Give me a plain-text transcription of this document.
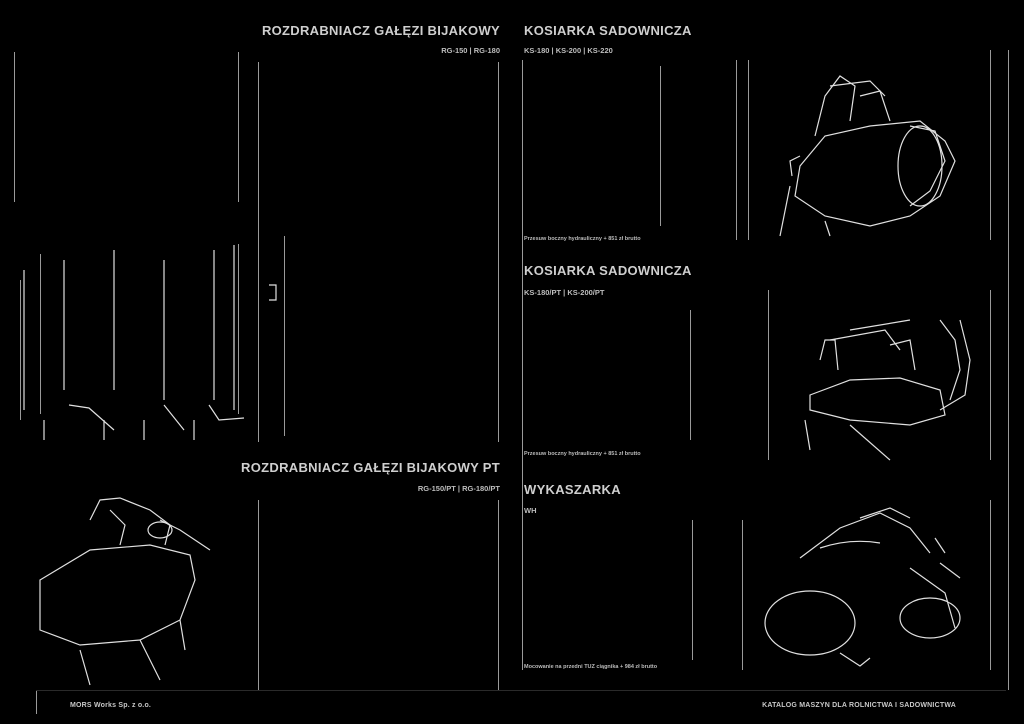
ROZDRABNIACZ GAŁĘZI BIJAKOWY
RG-150 | RG-180
KOSIARKA SADOWNICZA
KS-180 | KS-200 | KS-220
Przesuw boczny hydrauliczny + 851 zł brutto
KOSIARKA SADOWNICZA
KS-180/PT | KS-200/PT
Przesuw boczny hydrauliczny + 851 zł brutto
ROZDRABNIACZ GAŁĘZI BIJAKOWY PT
RG-150/PT | RG-180/PT WYKASZARKA
WH
Mocowanie na przedni TUZ ciągnika + 984 zł brutto
MORS Works Sp. z o.o.	KATALOG MASZYN DLA ROLNICTWA I SADOWNICTWA
